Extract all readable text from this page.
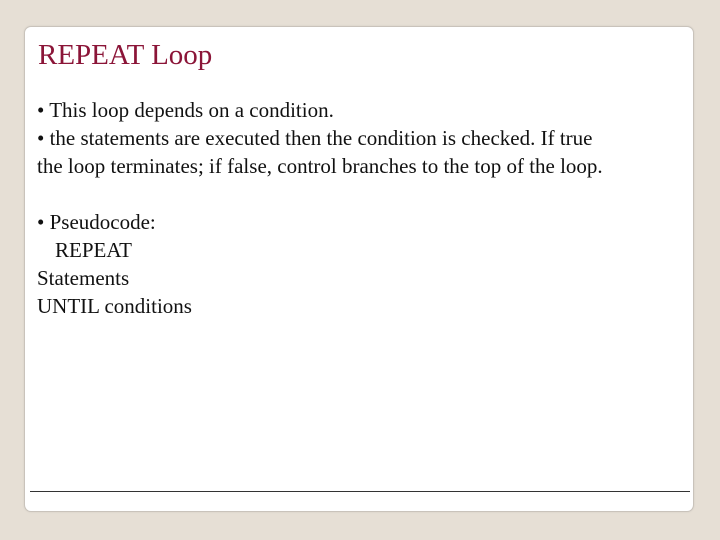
REPEAT Loop

• This loop depends on a condition.

• the statements are executed then the condition is checked. If true

the loop terminates; if false, control branches to the top of the loop.

• Pseudocode:

REPEAT

Statements

UNTIL conditions
